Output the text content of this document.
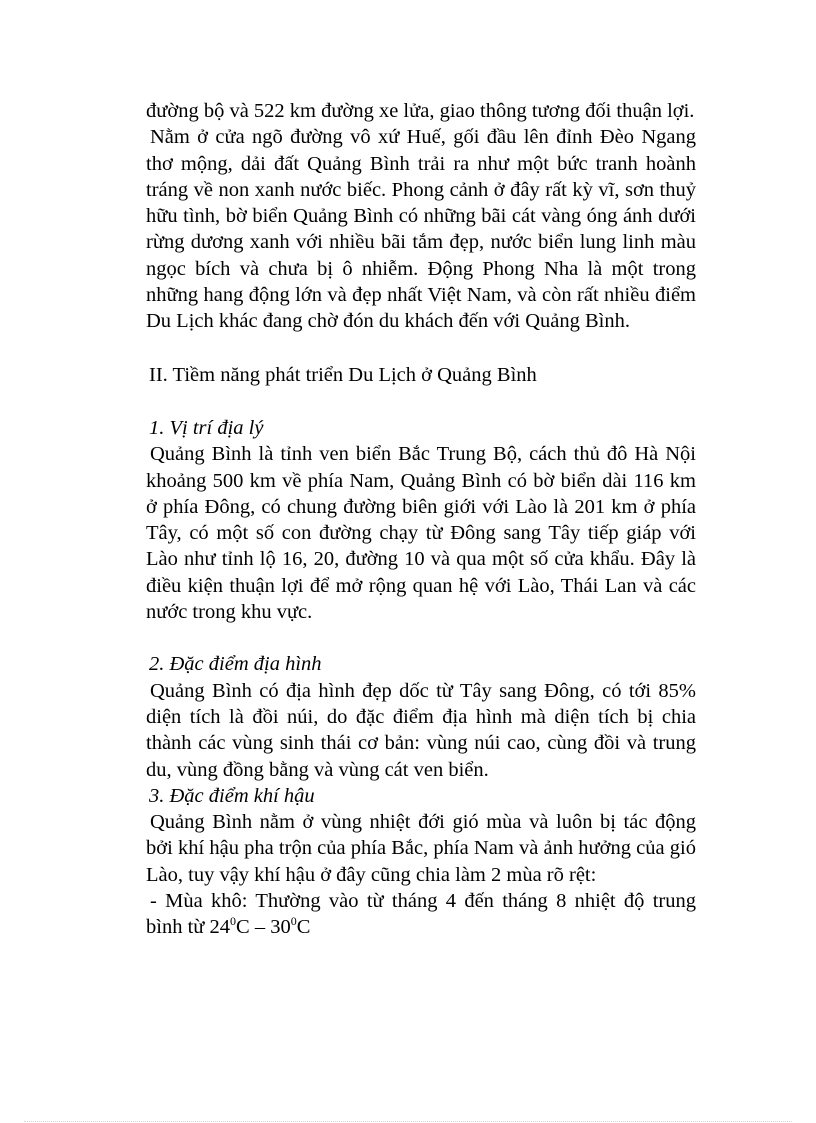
đường bộ và 522 km đường xe lửa, giao thông tương đối thuận lợi.

Nằm ở cửa ngõ đường vô xứ Huế, gối đầu lên đỉnh Đèo Ngang thơ mộng, dải đất Quảng Bình trải ra như một bức tranh hoành tráng về non xanh nước biếc. Phong cảnh ở đây rất kỳ vĩ, sơn thuỷ hữu tình, bờ biển Quảng Bình có những bãi cát vàng óng ánh dưới rừng dương xanh với nhiều bãi tắm đẹp, nước biển lung linh màu ngọc bích và chưa bị ô nhiễm. Động Phong Nha là một trong những hang động lớn và đẹp nhất Việt Nam, và còn rất nhiều điểm Du Lịch khác đang chờ đón du khách đến với Quảng Bình.

II. Tiềm năng phát triển Du Lịch ở Quảng Bình
1. Vị trí địa lý

Quảng Bình là tỉnh ven biển Bắc Trung Bộ, cách thủ đô Hà Nội khoảng 500 km về phía Nam, Quảng Bình có bờ biển dài 116 km ở phía Đông, có chung đường biên giới với Lào là 201 km ở phía Tây, có một số con đường chạy từ Đông sang Tây tiếp giáp với Lào như tỉnh lộ 16, 20, đường 10 và qua một số cửa khẩu. Đây là điều kiện thuận lợi để mở rộng quan hệ với Lào, Thái Lan và các nước trong khu vực.

2. Đặc điểm địa hình

Quảng Bình có địa hình đẹp dốc từ Tây sang Đông, có tới 85% diện tích là đồi núi, do đặc điểm địa hình mà diện tích bị chia thành các vùng sinh thái cơ bản: vùng núi cao, cùng đồi và trung du, vùng đồng bằng và vùng cát ven biển.

3. Đặc điểm khí hậu

Quảng Bình nằm ở vùng nhiệt đới gió mùa và luôn bị tác động bởi khí hậu pha trộn của phía Bắc, phía Nam và ảnh hưởng của gió Lào, tuy vậy khí hậu ở đây cũng chia làm 2 mùa rõ rệt:

- Mùa khô: Thường vào từ tháng 4 đến tháng 8 nhiệt độ trung bình từ $24^0C - 30^0C$
